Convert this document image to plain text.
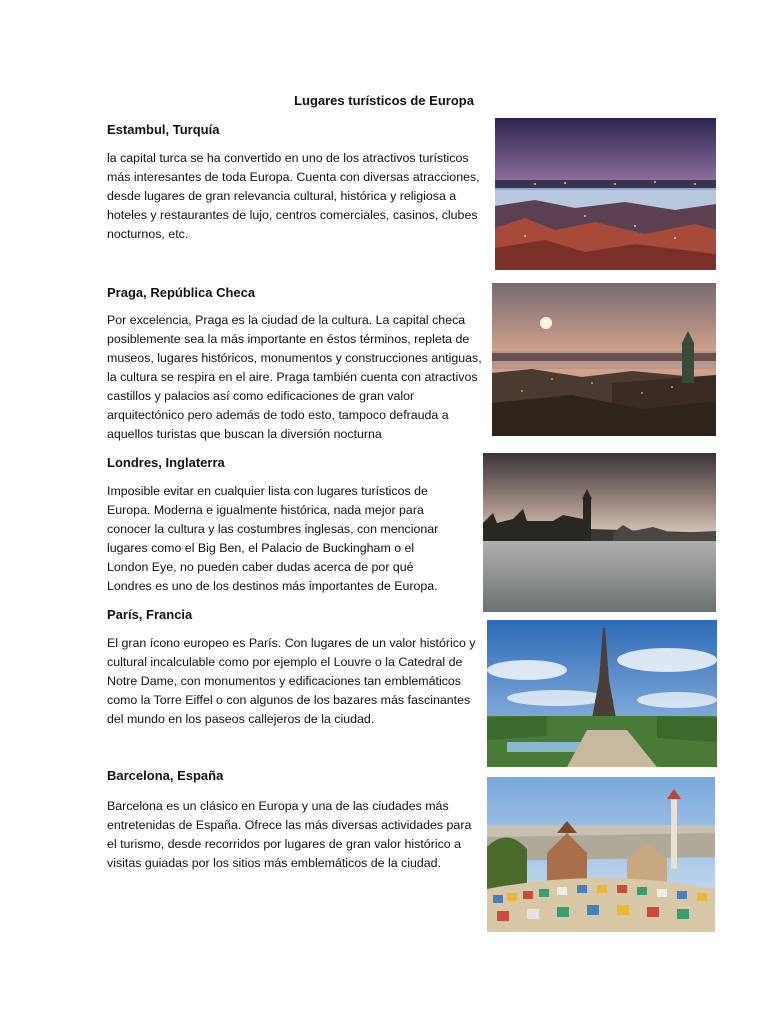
Lugares turísticos de Europa
Estambul, Turquía

la capital turca se ha convertido en uno de los atractivos turísticos más interesantes de toda Europa. Cuenta con diversas atracciones, desde lugares de gran relevancia cultural, histórica y religiosa a hoteles y restaurantes de lujo, centros comerciales, casinos, clubes nocturnos, etc.

Praga, República Checa

Por excelencia, Praga es la ciudad de la cultura. La capital checa posiblemente sea la más importante en éstos términos, repleta de museos, lugares históricos, monumentos y construcciones antiguas, la cultura se respira en el aire. Praga también cuenta con atractivos castillos y palacios así como edificaciones de gran valor arquitectónico pero además de todo esto, tampoco defrauda a aquellos turistas que buscan la diversión nocturna

Londres, Inglaterra

Imposible evitar en cualquier lista con lugares turísticos de Europa. Moderna e igualmente histórica, nada mejor para conocer la cultura y las costumbres inglesas, con mencionar lugares como el Big Ben, el Palacio de Buckingham o el London Eye, no pueden caber dudas acerca de por qué Londres es uno de los destinos más importantes de Europa.

París, Francia

El gran ícono europeo es París. Con lugares de un valor histórico y cultural incalculable como por ejemplo el Louvre o la Catedral de Notre Dame, con monumentos y edificaciones tan emblemáticos como la Torre Eiffel o con algunos de los bazares más fascinantes del mundo en los paseos callejeros de la ciudad.

Barcelona, España

Barcelona es un clásico en Europa y una de las ciudades más entretenidas de España. Ofrece las más diversas actividades para el turismo, desde recorridos por lugares de gran valor histórico a visitas guiadas por los sitios más emblemáticos de la ciudad.
